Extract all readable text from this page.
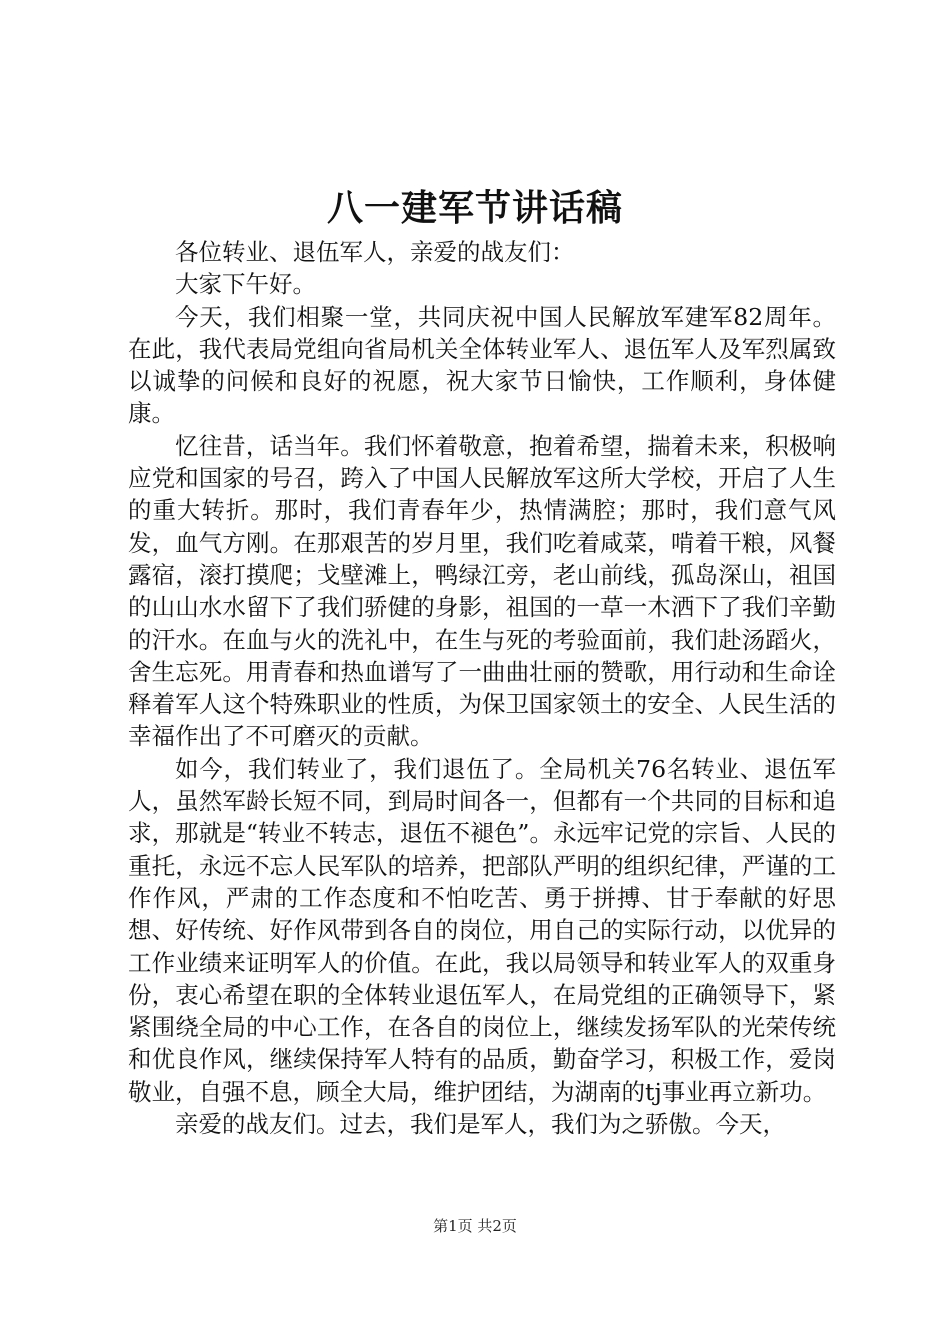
八一建军节讲话稿

各位转业、退伍军人，亲爱的战友们：

大家下午好。

今天，我们相聚一堂，共同庆祝中国人民解放军建军82周年。在此，我代表局党组向省局机关全体转业军人、退伍军人及军烈属致以诚挚的问候和良好的祝愿，祝大家节日愉快，工作顺利，身体健康。

忆往昔，话当年。我们怀着敬意，抱着希望，揣着未来，积极响应党和国家的号召，跨入了中国人民解放军这所大学校，开启了人生的重大转折。那时，我们青春年少，热情满腔；那时，我们意气风发，血气方刚。在那艰苦的岁月里，我们吃着咸菜，啃着干粮，风餐露宿，滚打摸爬；戈壁滩上，鸭绿江旁，老山前线，孤岛深山，祖国的山山水水留下了我们骄健的身影，祖国的一草一木洒下了我们辛勤的汗水。在血与火的洗礼中，在生与死的考验面前，我们赴汤蹈火，舍生忘死。用青春和热血谱写了一曲曲壮丽的赞歌，用行动和生命诠释着军人这个特殊职业的性质，为保卫国家领土的安全、人民生活的幸福作出了不可磨灭的贡献。

如今，我们转业了，我们退伍了。全局机关76名转业、退伍军人，虽然军龄长短不同，到局时间各一，但都有一个共同的目标和追求，那就是“转业不转志，退伍不褪色”。永远牢记党的宗旨、人民的重托，永远不忘人民军队的培养，把部队严明的组织纪律，严谨的工作作风，严肃的工作态度和不怕吃苦、勇于拼搏、甘于奉献的好思想、好传统、好作风带到各自的岗位，用自己的实际行动，以优异的工作业绩来证明军人的价值。在此，我以局领导和转业军人的双重身份，衷心希望在职的全体转业退伍军人，在局党组的正确领导下，紧紧围绕全局的中心工作，在各自的岗位上，继续发扬军队的光荣传统和优良作风，继续保持军人特有的品质，勤奋学习，积极工作，爱岗敬业，自强不息，顾全大局，维护团结，为湖南的tj事业再立新功。

亲爱的战友们。过去，我们是军人，我们为之骄傲。今天，

第1页 共2页
